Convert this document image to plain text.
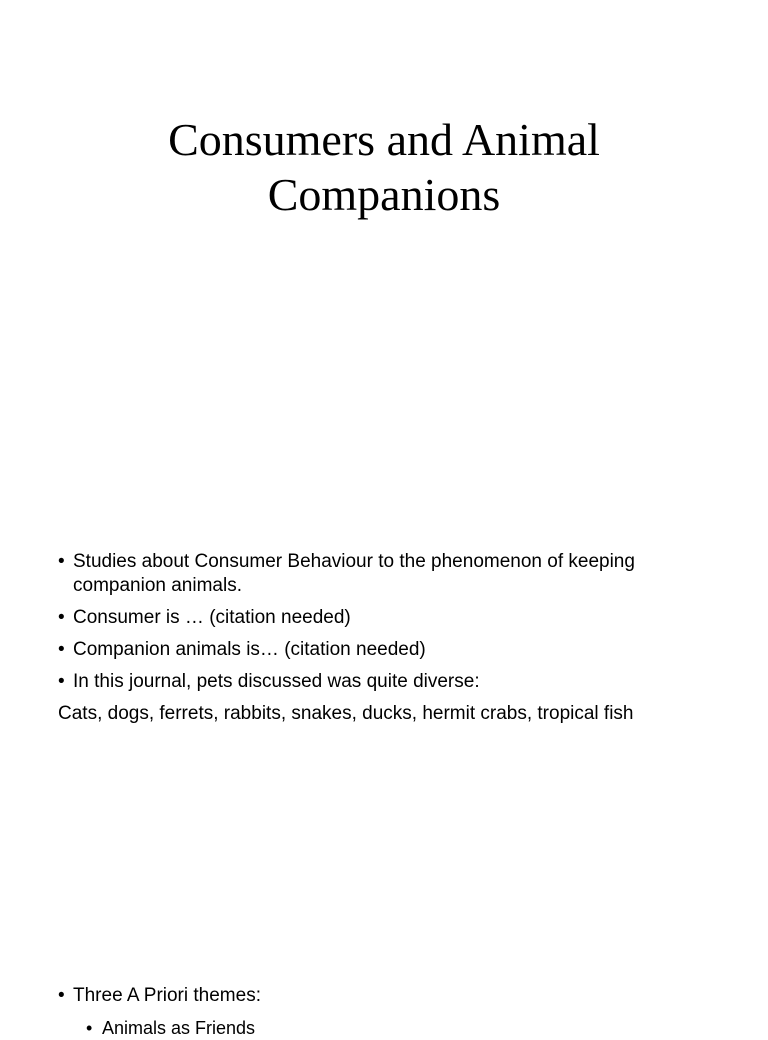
Consumers and Animal
Companions
• Studies about Consumer Behaviour to the phenomenon of keeping companion animals.
• Consumer is … (citation needed)
• Companion animals is… (citation needed)
• In this journal, pets discussed was quite diverse:
Cats, dogs, ferrets, rabbits, snakes, ducks, hermit crabs, tropical fish
• Three A Priori themes:
• Animals as Friends
